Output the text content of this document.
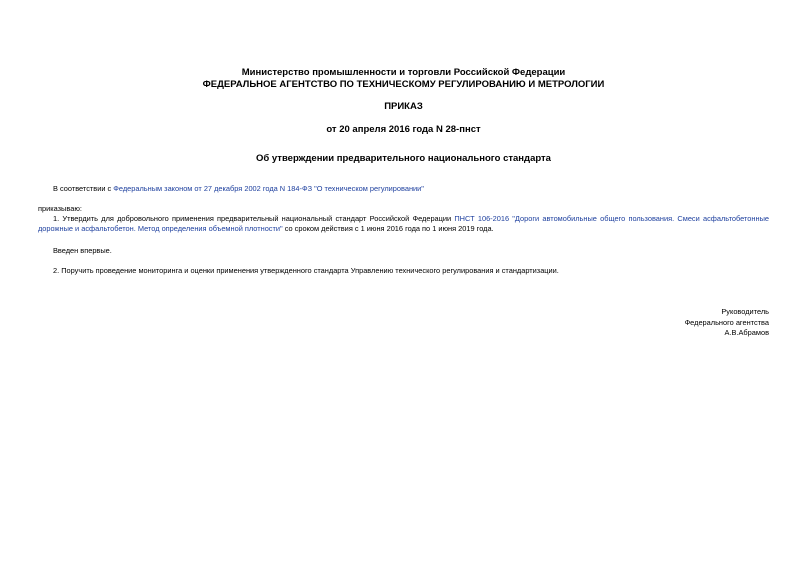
Министерство промышленности и торговли Российской Федерации
ФЕДЕРАЛЬНОЕ АГЕНТСТВО ПО ТЕХНИЧЕСКОМУ РЕГУЛИРОВАНИЮ И МЕТРОЛОГИИ
ПРИКАЗ
от 20 апреля 2016 года N 28-пнст
Об утверждении предварительного национального стандарта
В соответствии с Федеральным законом от 27 декабря 2002 года N 184-ФЗ "О техническом регулировании"
приказываю:
1. Утвердить для добровольного применения предварительный национальный стандарт Российской Федерации ПНСТ 106-2016 "Дороги автомобильные общего пользования. Смеси асфальтобетонные дорожные и асфальтобетон. Метод определения объемной плотности" со сроком действия с 1 июня 2016 года по 1 июня 2019 года.
Введен впервые.
2. Поручить проведение мониторинга и оценки применения утвержденного стандарта Управлению технического регулирования и стандартизации.
Руководитель
Федерального агентства
А.В.Абрамов
